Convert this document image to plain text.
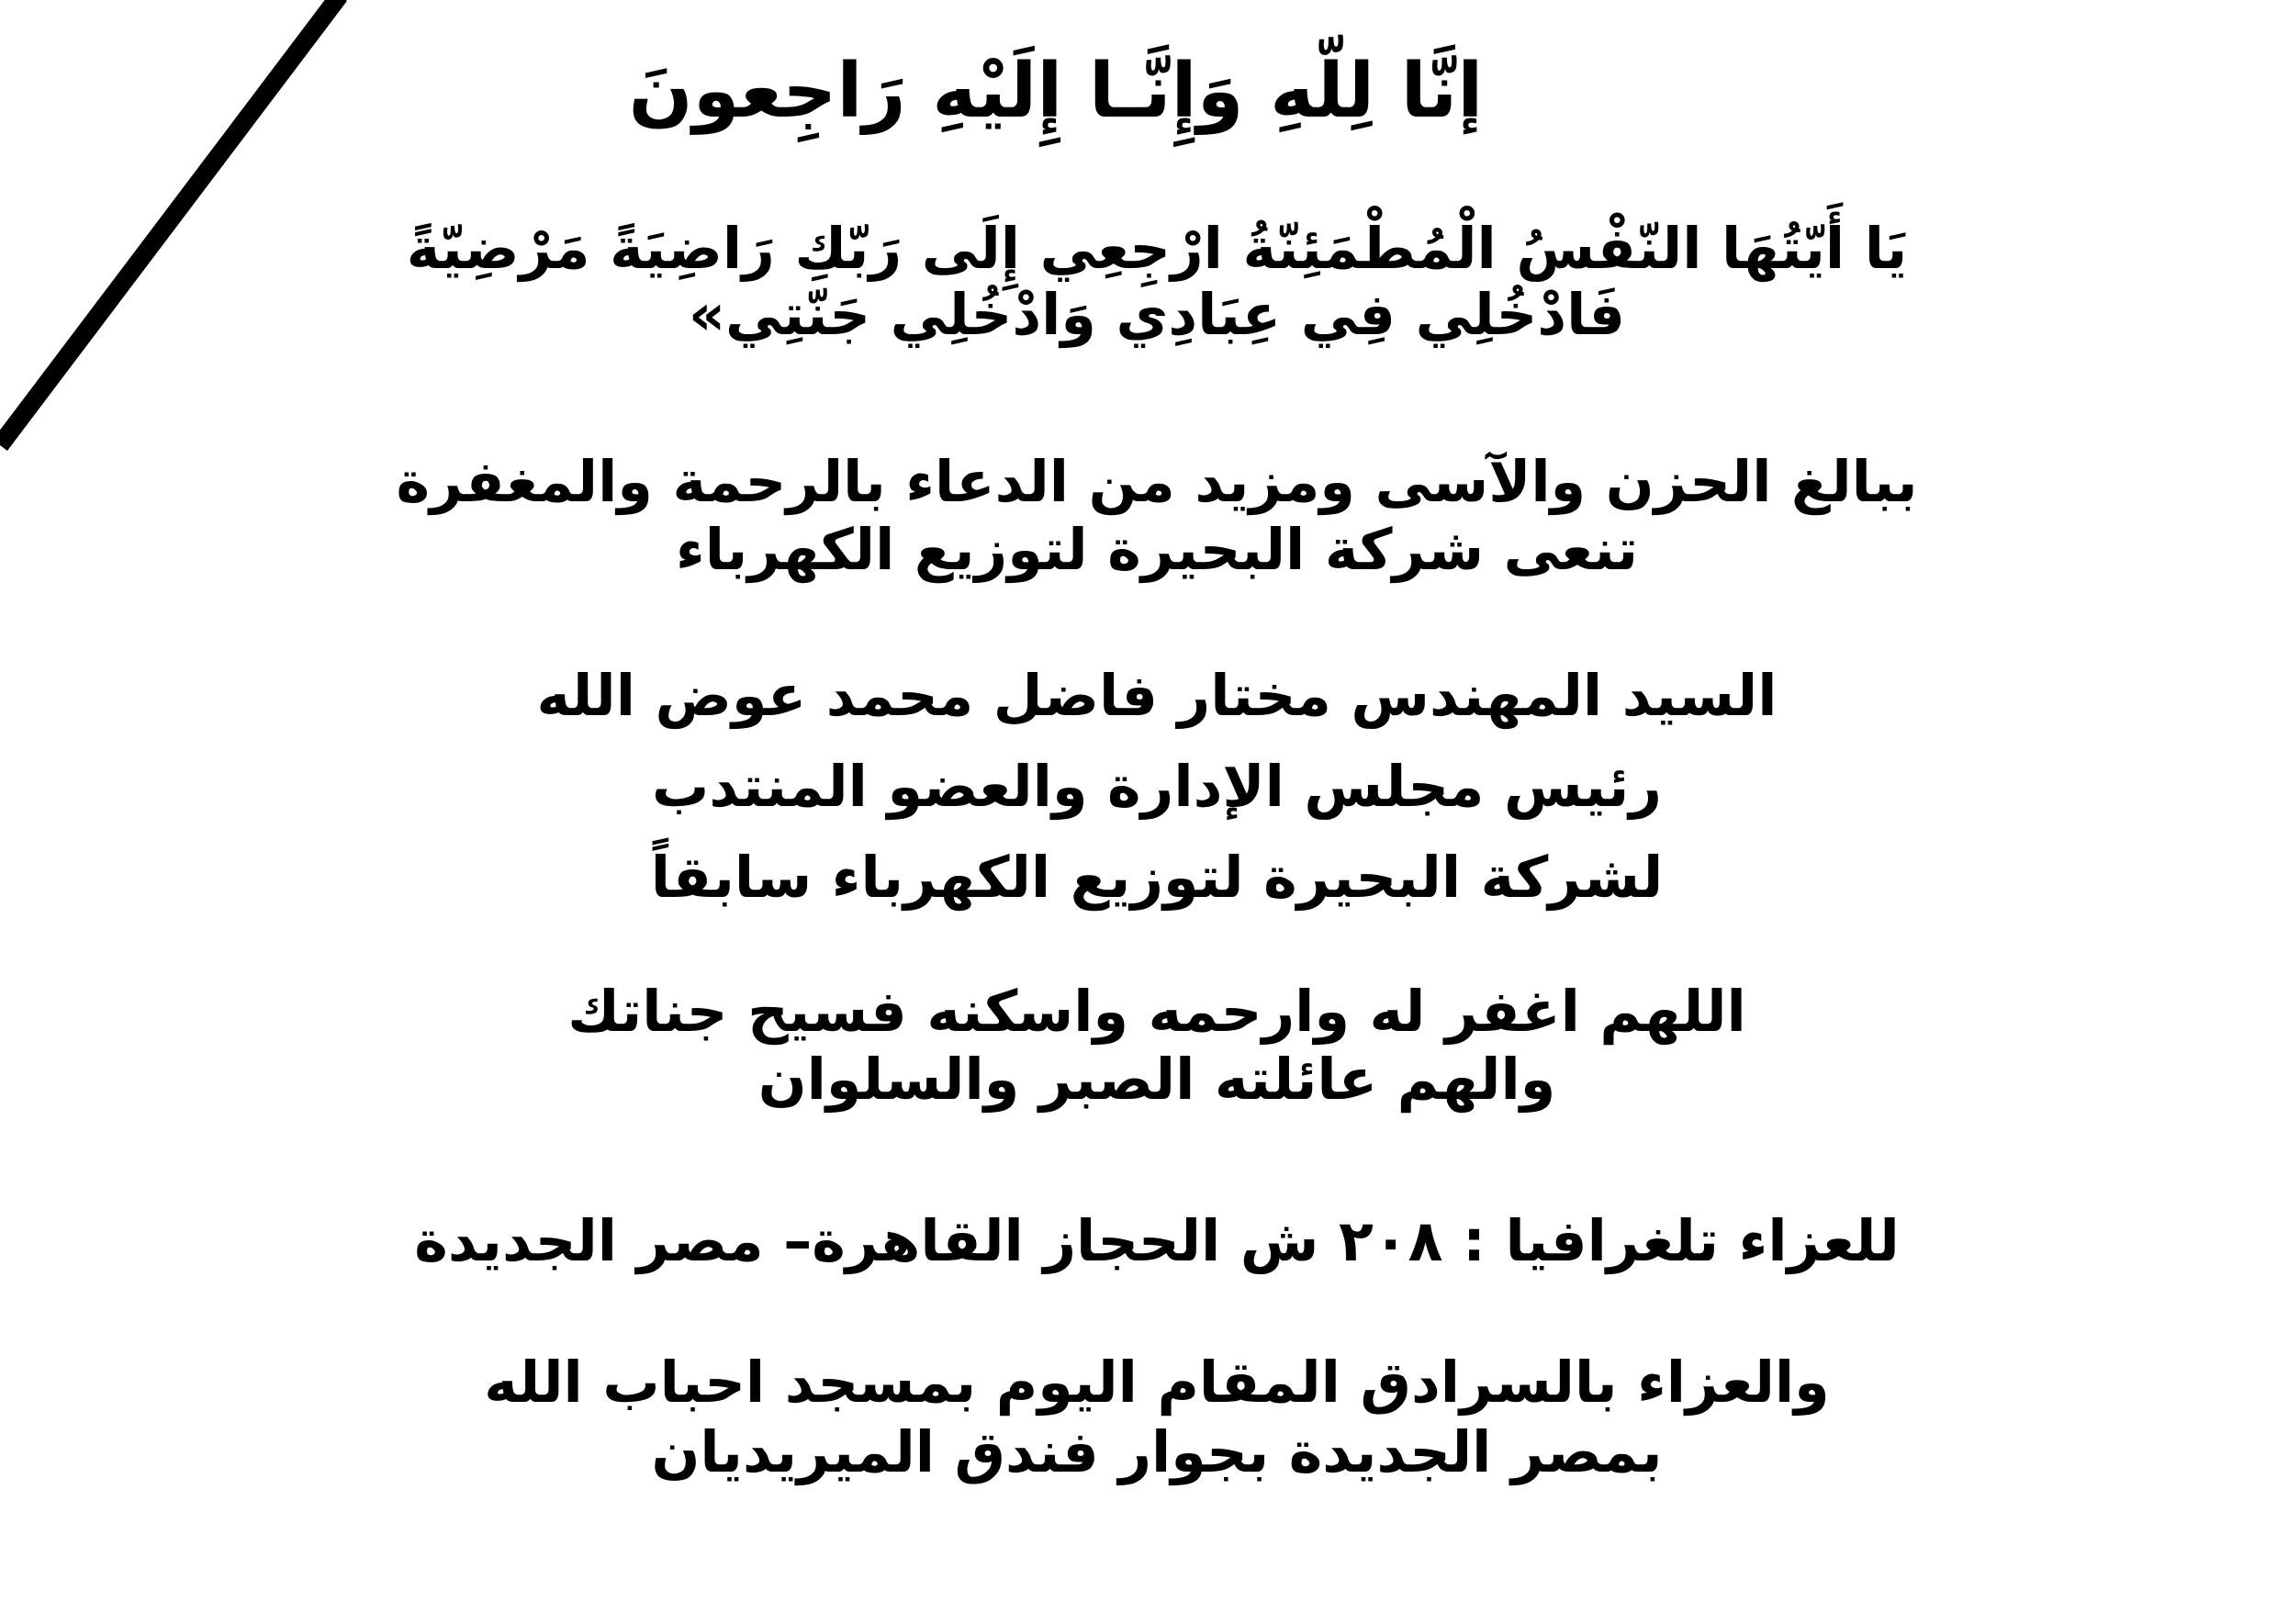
إنَّا لِلّهِ وَإِنَّـا إِلَيْهِ رَاجِعونَ
يَا أَيّتُهَا النّفْسُ الْمُطْمَئِنّةُ ارْجِعِي إِلَى رَبّكِ رَاضِيَةً مَرْضِيّةً
فَادْخُلِي فِي عِبَادِي وَادْخُلِي جَنّتِي»
ببالغ الحزن والآسى ومزيد من الدعاء بالرحمة والمغفرة
تنعى شركة البحيرة لتوزيع الكهرباء
السيد المهندس مختار فاضل محمد عوض الله
رئيس مجلس الإدارة والعضو المنتدب
لشركة البحيرة لتوزيع الكهرباء سابقاً
اللهم اغفر له وارحمه واسكنه فسيح جناتك
والهم عائلته الصبر والسلوان
للعزاء تلغرافيا : ٢٠٨ ش الحجاز القاهرة– مصر الجديدة
والعزاء بالسرادق المقام اليوم بمسجد احباب الله
بمصر الجديدة بجوار فندق الميريديان
